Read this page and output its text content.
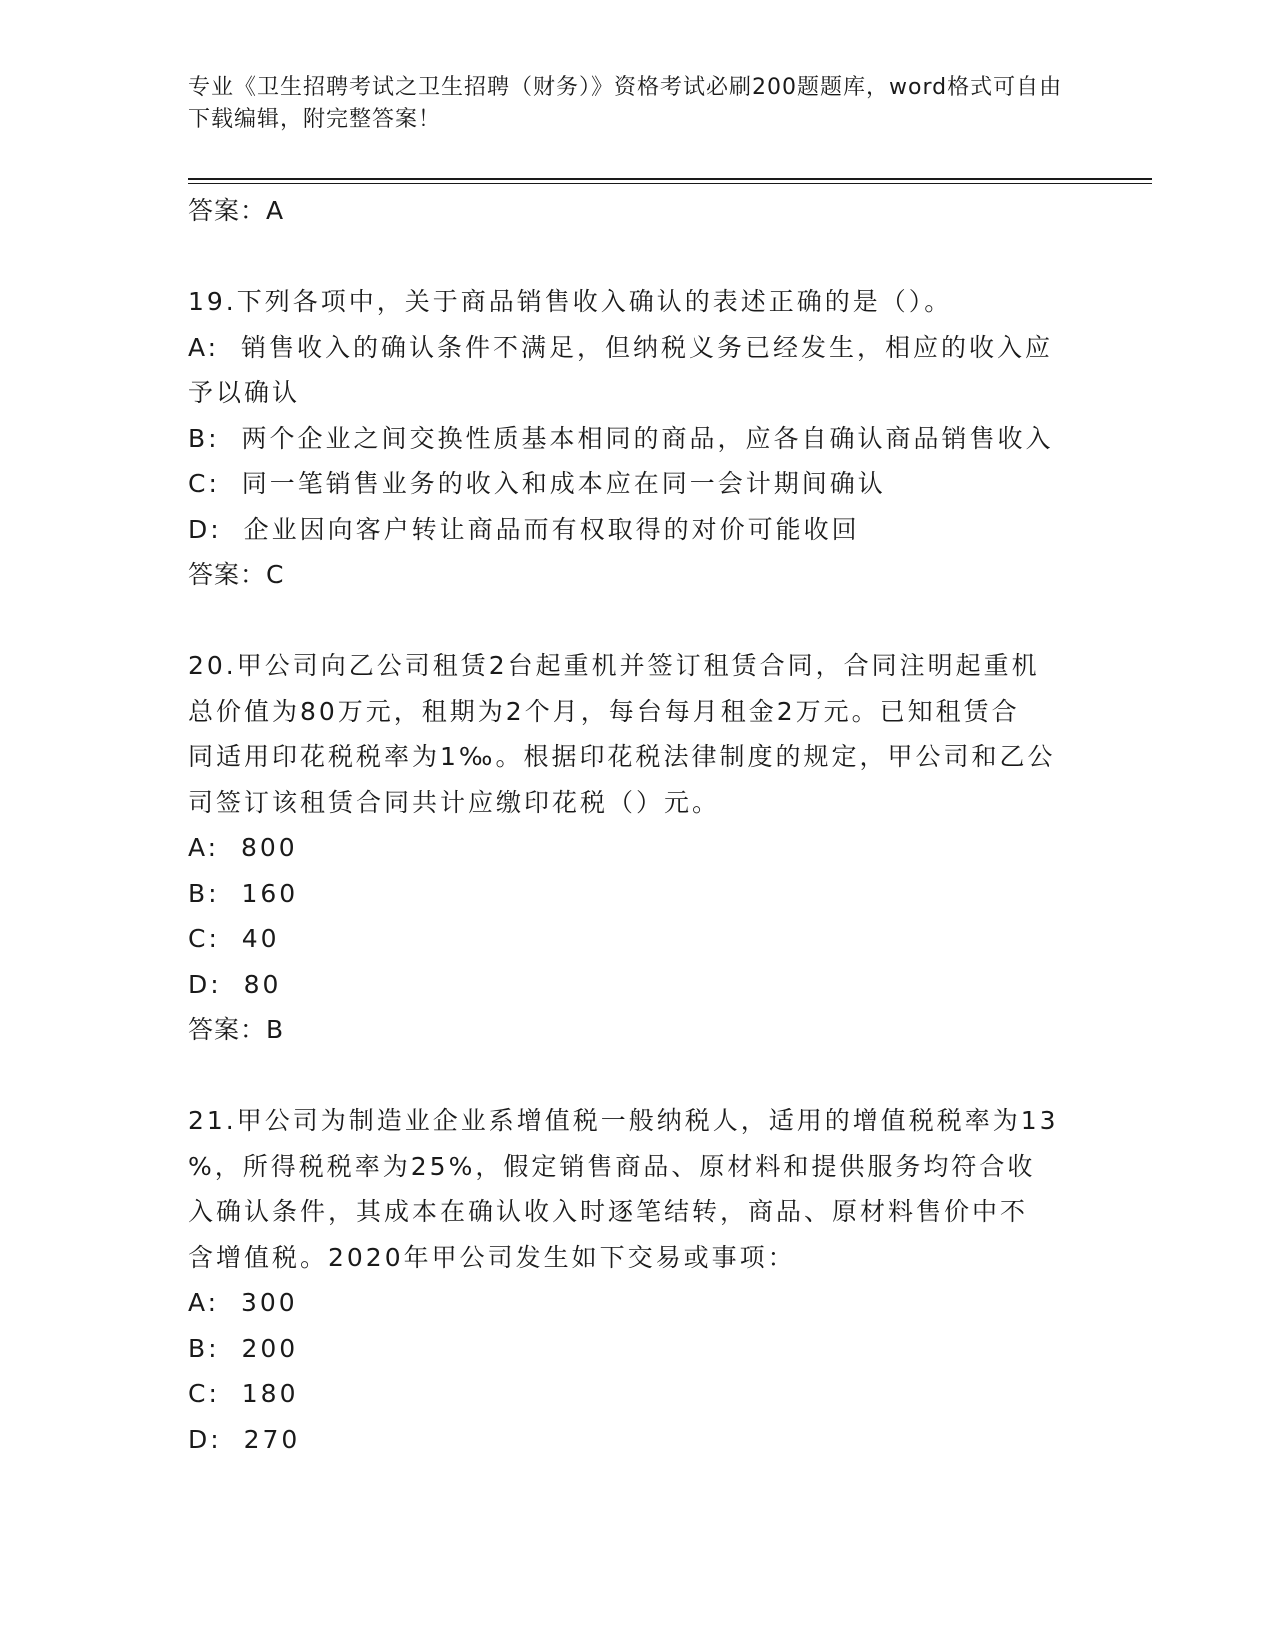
专业《卫生招聘考试之卫生招聘（财务）》资格考试必刷200题题库，word格式可自由下载编辑，附完整答案！
答案：A
19.下列各项中，关于商品销售收入确认的表述正确的是（）。
A:  销售收入的确认条件不满足，但纳税义务已经发生，相应的收入应
予以确认
B:  两个企业之间交换性质基本相同的商品，应各自确认商品销售收入
C:  同一笔销售业务的收入和成本应在同一会计期间确认
D:  企业因向客户转让商品而有权取得的对价可能收回
答案：C
20.甲公司向乙公司租赁2台起重机并签订租赁合同，合同注明起重机
总价值为80万元，租期为2个月，每台每月租金2万元。已知租赁合
同适用印花税税率为1‰。根据印花税法律制度的规定，甲公司和乙公
司签订该租赁合同共计应缴印花税（）元。
A:  800
B:  160
C:  40
D:  80
答案：B
21.甲公司为制造业企业系增值税一般纳税人，适用的增值税税率为13
%，所得税税率为25%，假定销售商品、原材料和提供服务均符合收
入确认条件，其成本在确认收入时逐笔结转，商品、原材料售价中不
含增值税。2020年甲公司发生如下交易或事项：
A:  300
B:  200
C:  180
D:  270
